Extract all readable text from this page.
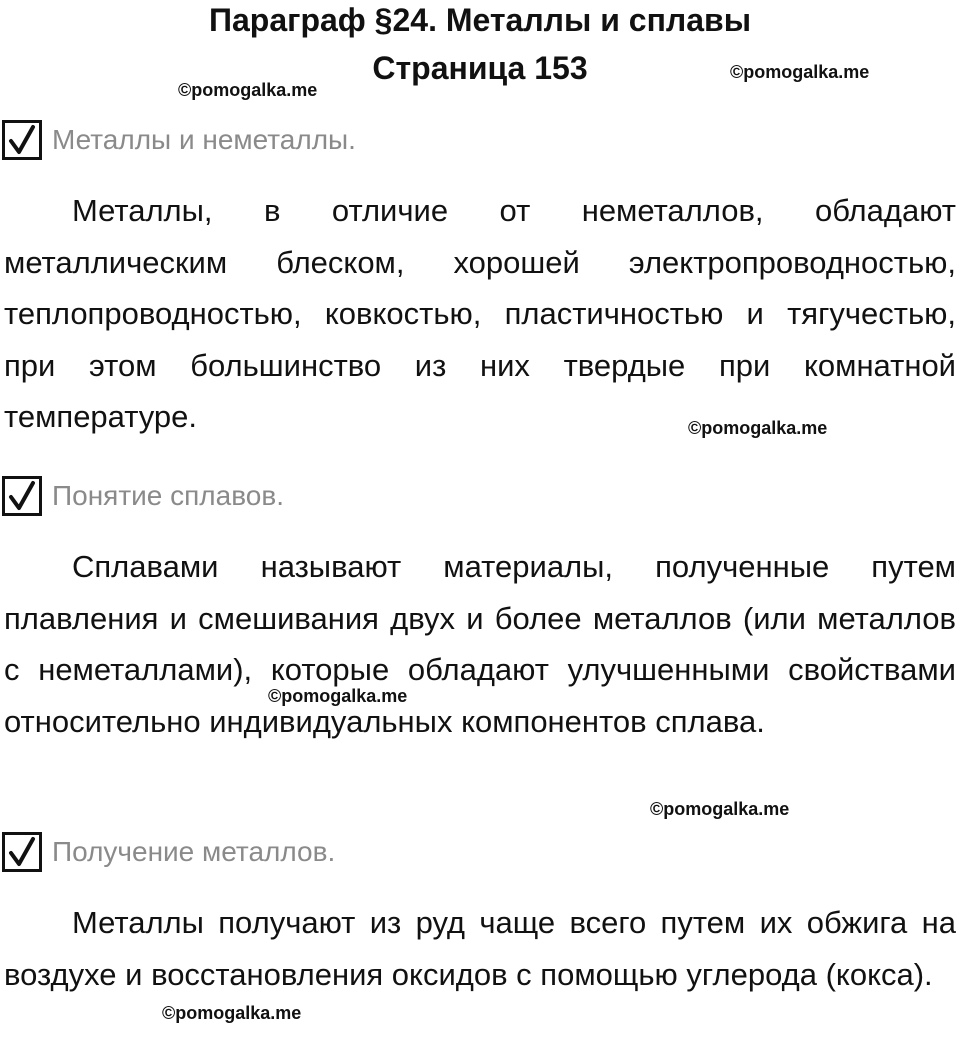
Параграф §24. Металлы и сплавы
Страница 153
©pomogalka.me
©pomogalka.me
Металлы и неметаллы.

Металлы, в отличие от неметаллов, обладают металлическим блеском, хорошей электропроводностью, теплопроводностью, ковкостью, пластичностью и тягучестью, при этом большинство из них твердые при комнатной температуре.	©pomogalka.me
Понятие сплавов.

Сплавами называют материалы, полученные путем плавления и смешивания двух и более металлов (или металлов с неметаллами), которые обладают улучшенными свойствами относительно индивидуальных компонентов сплава.

©pomogalka.me
©pomogalka.me
Получение металлов.

Металлы получают из руд чаще всего путем их обжига на воздухе и восстановления оксидов с помощью углерода (кокса).

©pomogalka.me
